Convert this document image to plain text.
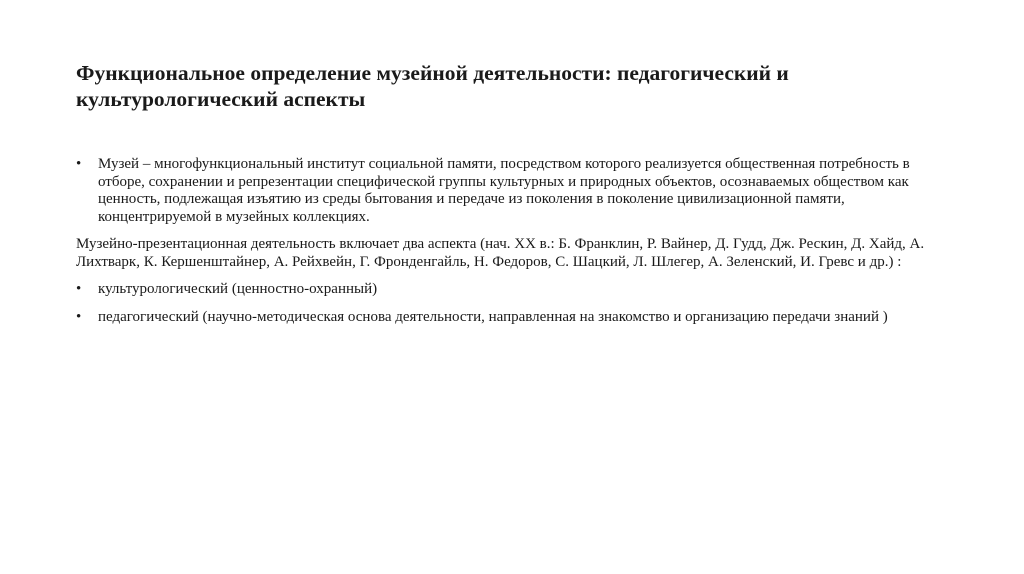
Функциональное определение музейной деятельности: педагогический и культурологический аспекты
•	Музей – многофункциональный институт социальной памяти, посредством которого реализуется общественная потребность в отборе, сохранении и репрезентации специфической группы культурных и природных объектов, осознаваемых обществом как ценность, подлежащая изъятию из среды бытования и передаче из поколения в поколение цивилизационной памяти, концентрируемой в музейных коллекциях.

Музейно-презентационная деятельность включает два аспекта (нач. ХХ в.: Б. Франклин, Р. Вайнер, Д. Гудд, Дж. Рескин, Д. Хайд, А. Лихтварк, К. Кершенштайнер, А. Рейхвейн, Г. Фронденгайль, Н. Федоров, С. Шацкий, Л. Шлегер, А. Зеленский, И. Гревс и др.) :

•	культурологический (ценностно-охранный)
•	педагогический (научно-методическая основа деятельности, направленная на знакомство и организацию передачи знаний )
